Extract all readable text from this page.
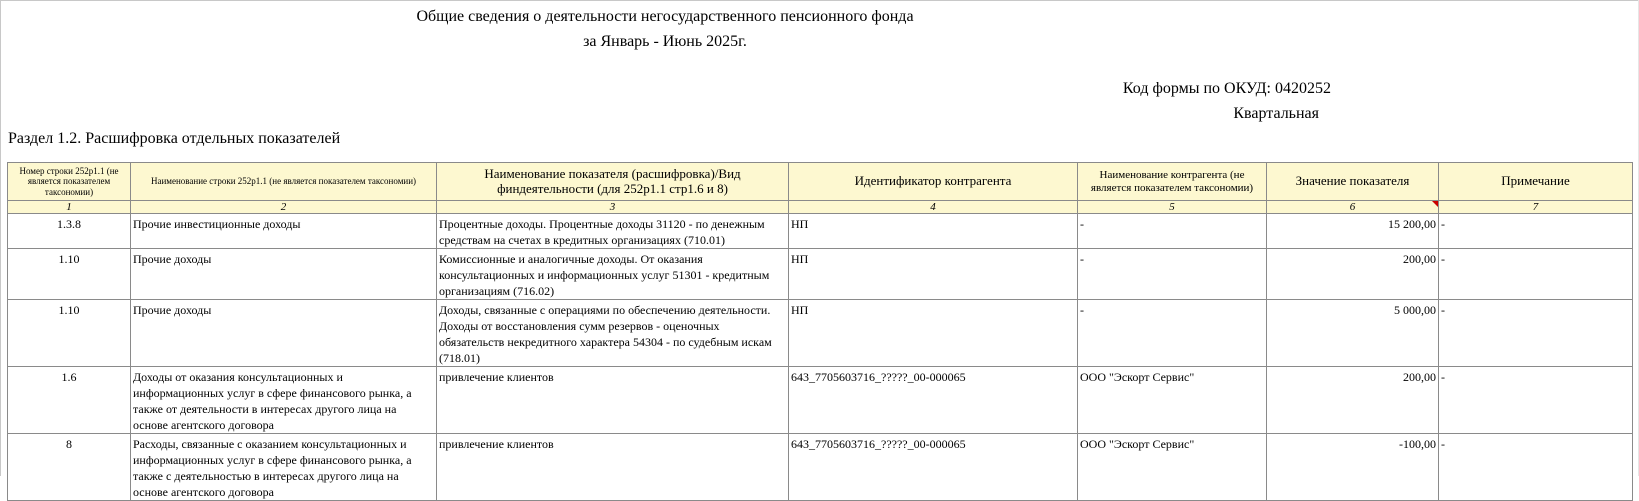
Общие сведения о деятельности негосударственного пенсионного фонда
за Январь - Июнь 2025г.
Код формы по ОКУД: 0420252
Квартальная
Раздел 1.2. Расшифровка отдельных показателей
Номер строки 252р1.1 (не является показателем таксономии)	Наименование строки 252р1.1 (не является показателем таксономии)	Наименование показателя (расшифровка)/Вид финдеятельности (для 252р1.1 стр1.6 и 8)	Идентификатор контрагента	Наименование контрагента (не является показателем таксономии)	Значение показателя	Примечание
1	2	3	4	5	6	7
1.3.8	Прочие инвестиционные доходы	Процентные доходы. Процентные доходы 31120 - по денежным средствам на счетах в кредитных организациях (710.01)	НП	-	15 200,00	-
1.10	Прочие доходы	Комиссионные и аналогичные доходы. От оказания консультационных и информационных услуг 51301 - кредитным организациям (716.02)	НП	-	200,00	-
1.10	Прочие доходы	Доходы, связанные с операциями по обеспечению деятельности. Доходы от восстановления сумм резервов - оценочных обязательств некредитного характера 54304 - по судебным искам (718.01)	НП	-	5 000,00	-
1.6	Доходы от оказания консультационных и информационных услуг в сфере финансового рынка, а также от деятельности в интересах другого лица на основе агентского договора	привлечение клиентов	643_7705603716_?????_00-000065	ООО "Эскорт Сервис"	200,00	-
8	Расходы, связанные с оказанием консультационных и информационных услуг в сфере финансового рынка, а также с деятельностью в интересах другого лица на основе агентского договора	привлечение клиентов	643_7705603716_?????_00-000065	ООО "Эскорт Сервис"	-100,00	-
